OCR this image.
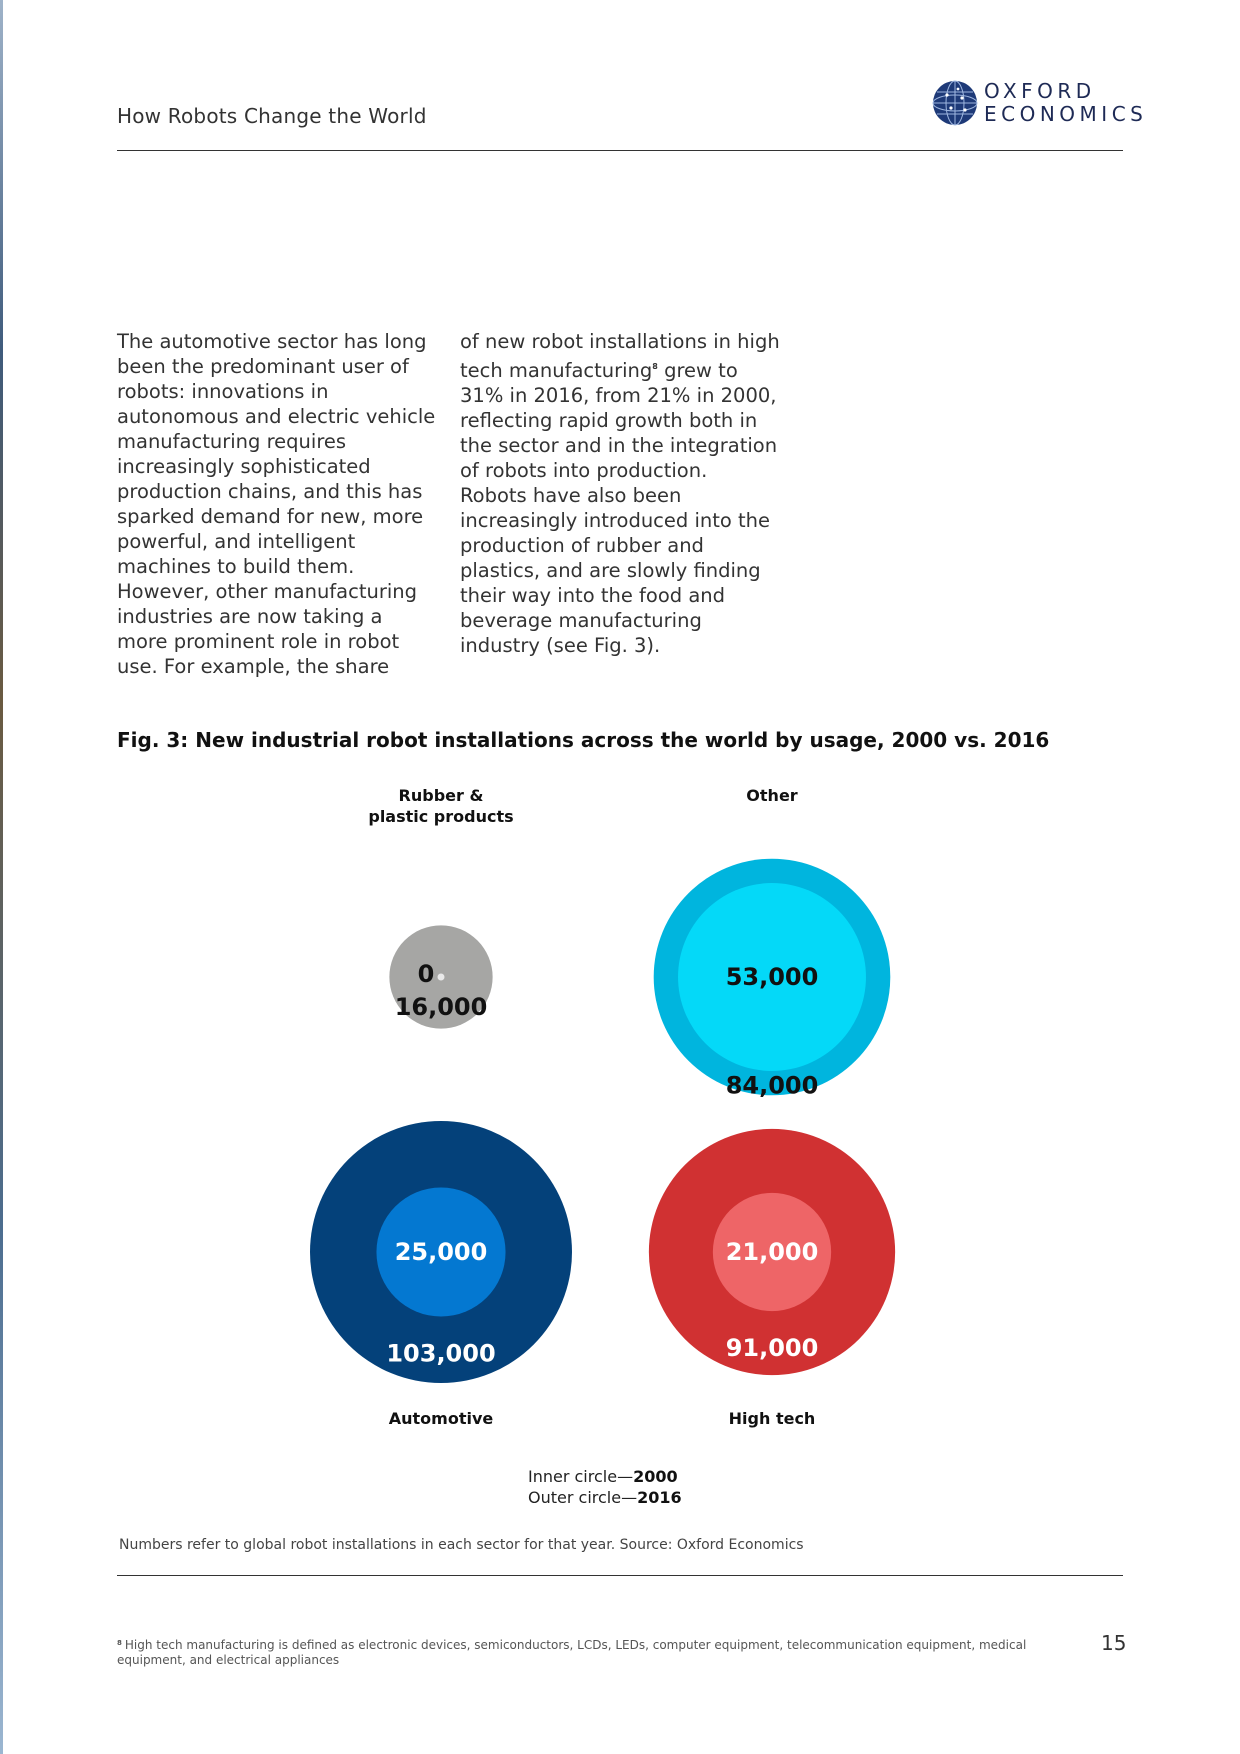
How Robots Change the World
OXFORD
ECONOMICS
The automotive sector has long been the predominant user of robots: innovations in autonomous and electric vehicle manufacturing requires increasingly sophisticated production chains, and this has sparked demand for new, more powerful, and intelligent machines to build them. However, other manufacturing industries are now taking a more prominent role in robot use. For example, the share
of new robot installations in high tech manufacturing$^8$ grew to 31% in 2016, from 21% in 2000, reflecting rapid growth both in the sector and in the integration of robots into production. Robots have also been increasingly introduced into the production of rubber and plastics, and are slowly finding their way into the food and beverage manufacturing industry (see Fig. 3).
Fig. 3: New industrial robot installations across the world by usage, 2000 vs. 2016
0
16,000
Rubber &
plastic products
53,000
84,000
Other
25,000
103,000
Automotive
21,000
91,000
High tech
Inner circle—2000
Outer circle—2016
Numbers refer to global robot installations in each sector for that year. Source: Oxford Economics
$^8$ High tech manufacturing is defined as electronic devices, semiconductors, LCDs, LEDs, computer equipment, telecommunication equipment, medical equipment, and electrical appliances
15
